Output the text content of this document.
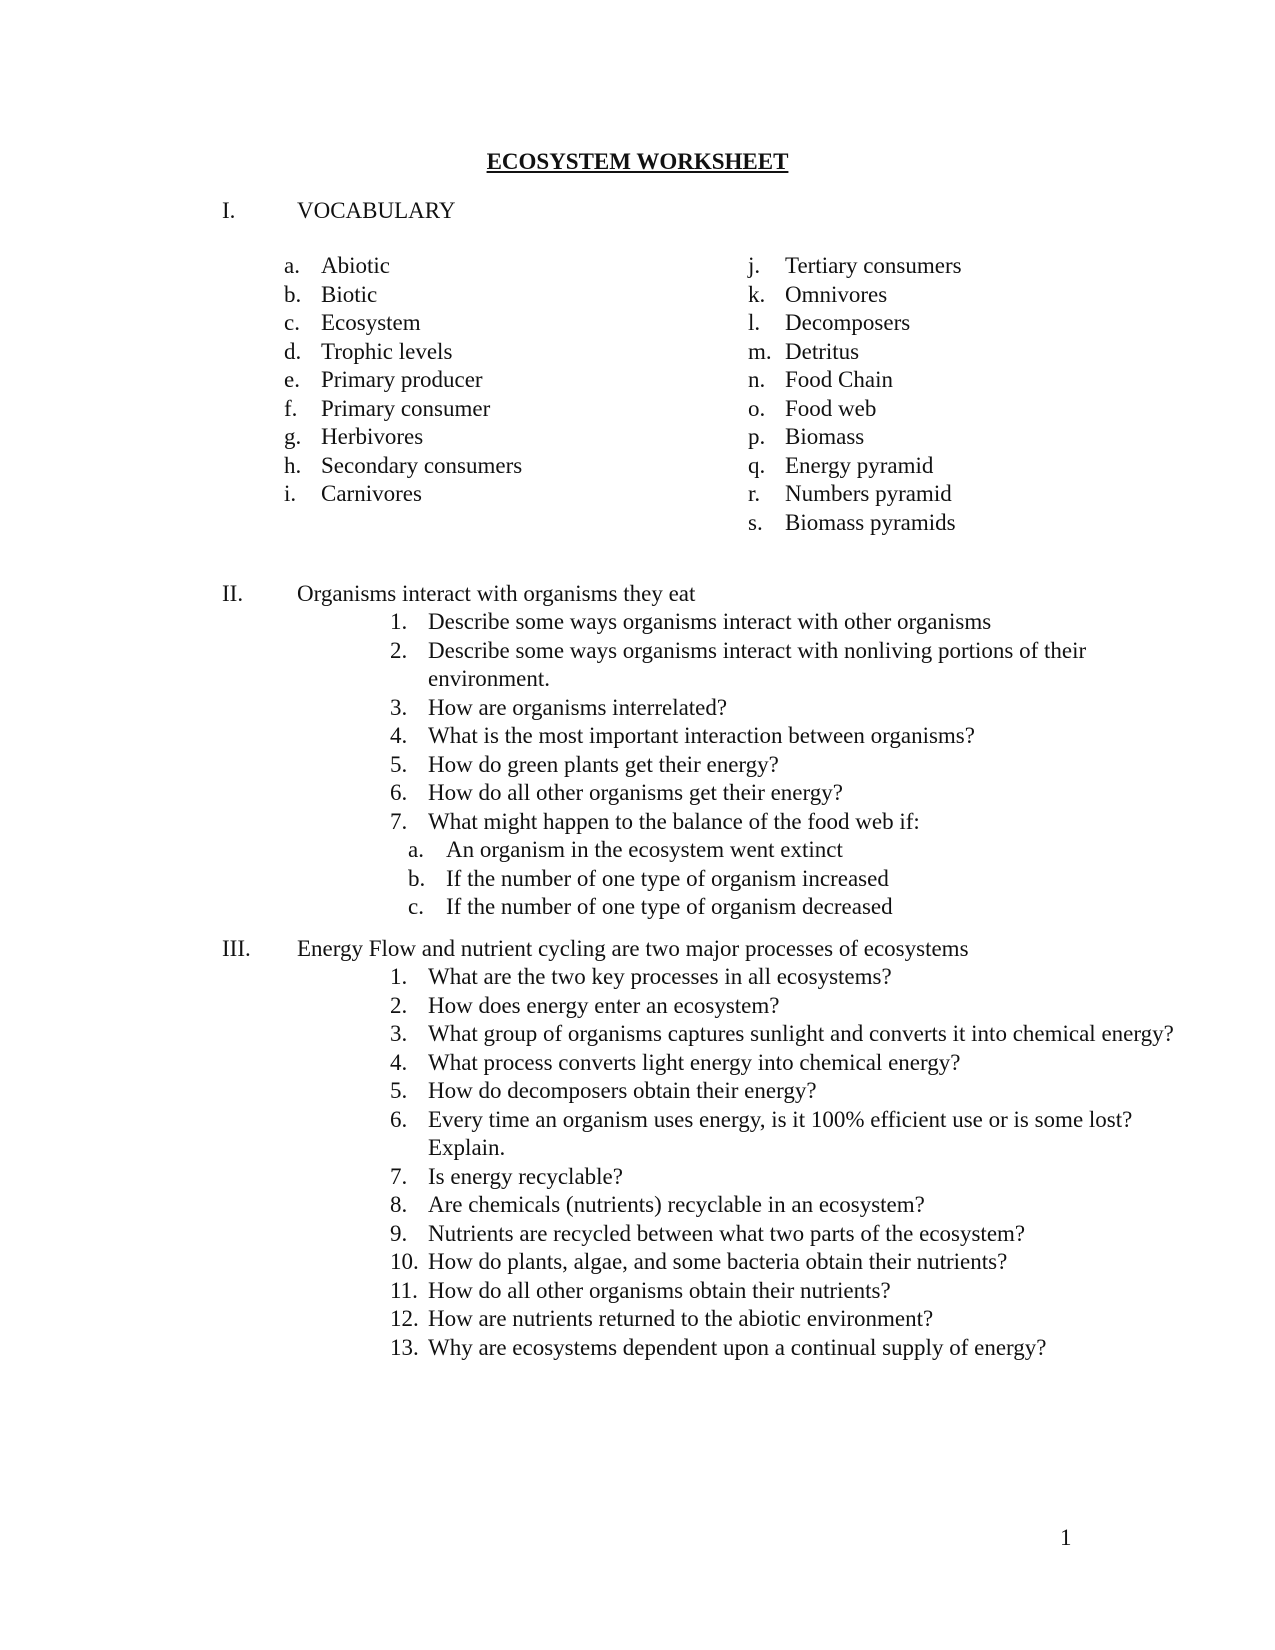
ECOSYSTEM WORKSHEET
I.	VOCABULARY
a. Abiotic
b. Biotic
c. Ecosystem
d. Trophic levels
e. Primary producer
f. Primary consumer
g. Herbivores
h. Secondary consumers
i. Carnivores
j. Tertiary consumers
k. Omnivores
l. Decomposers
m. Detritus
n. Food Chain
o. Food web
p. Biomass
q. Energy pyramid
r. Numbers pyramid
s. Biomass pyramids
II. Organisms interact with organisms they eat
1. Describe some ways organisms interact with other organisms
2. Describe some ways organisms interact with nonliving portions of their environment.
3. How are organisms interrelated?
4. What is the most important interaction between organisms?
5. How do green plants get their energy?
6. How do all other organisms get their energy?
7. What might happen to the balance of the food web if:
a. An organism in the ecosystem went extinct
b. If the number of one type of organism increased
c. If the number of one type of organism decreased
III. Energy Flow and nutrient cycling are two major processes of ecosystems
1. What are the two key processes in all ecosystems?
2. How does energy enter an ecosystem?
3. What group of organisms captures sunlight and converts it into chemical energy?
4. What process converts light energy into chemical energy?
5. How do decomposers obtain their energy?
6. Every time an organism uses energy, is it 100% efficient use or is some lost? Explain.
7. Is energy recyclable?
8. Are chemicals (nutrients) recyclable in an ecosystem?
9. Nutrients are recycled between what two parts of the ecosystem?
10. How do plants, algae, and some bacteria obtain their nutrients?
11. How do all other organisms obtain their nutrients?
12. How are nutrients returned to the abiotic environment?
13. Why are ecosystems dependent upon a continual supply of energy?
1
